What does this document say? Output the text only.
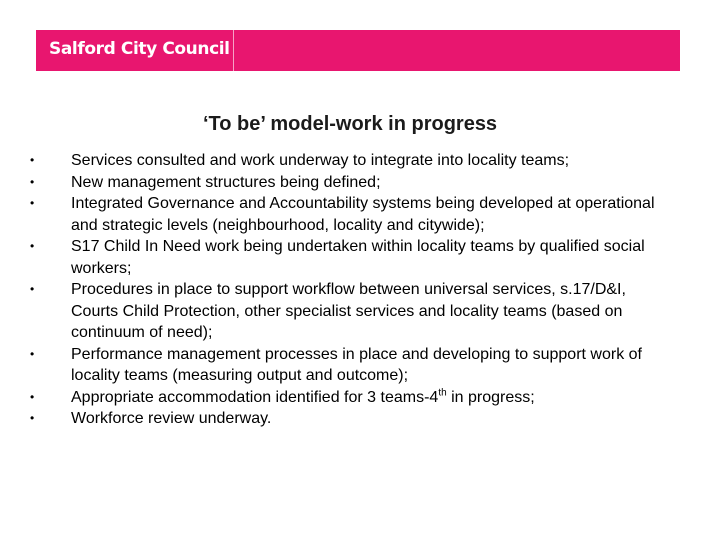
Salford City Council
‘To be’ model-work in progress
• Services consulted and work underway to integrate into locality teams;
• New management structures being defined;
• Integrated Governance and Accountability systems being developed at operational and strategic levels (neighbourhood, locality and citywide);
• S17 Child In Need work being undertaken within locality teams by qualified social workers;
• Procedures in place to support workflow between universal services, s.17/D&I, Courts Child Protection, other specialist services and locality teams (based on continuum of need);
• Performance management processes in place and developing to support work of locality teams (measuring output and outcome);
• Appropriate accommodation identified for 3 teams-4th in progress;
• Workforce review underway.
